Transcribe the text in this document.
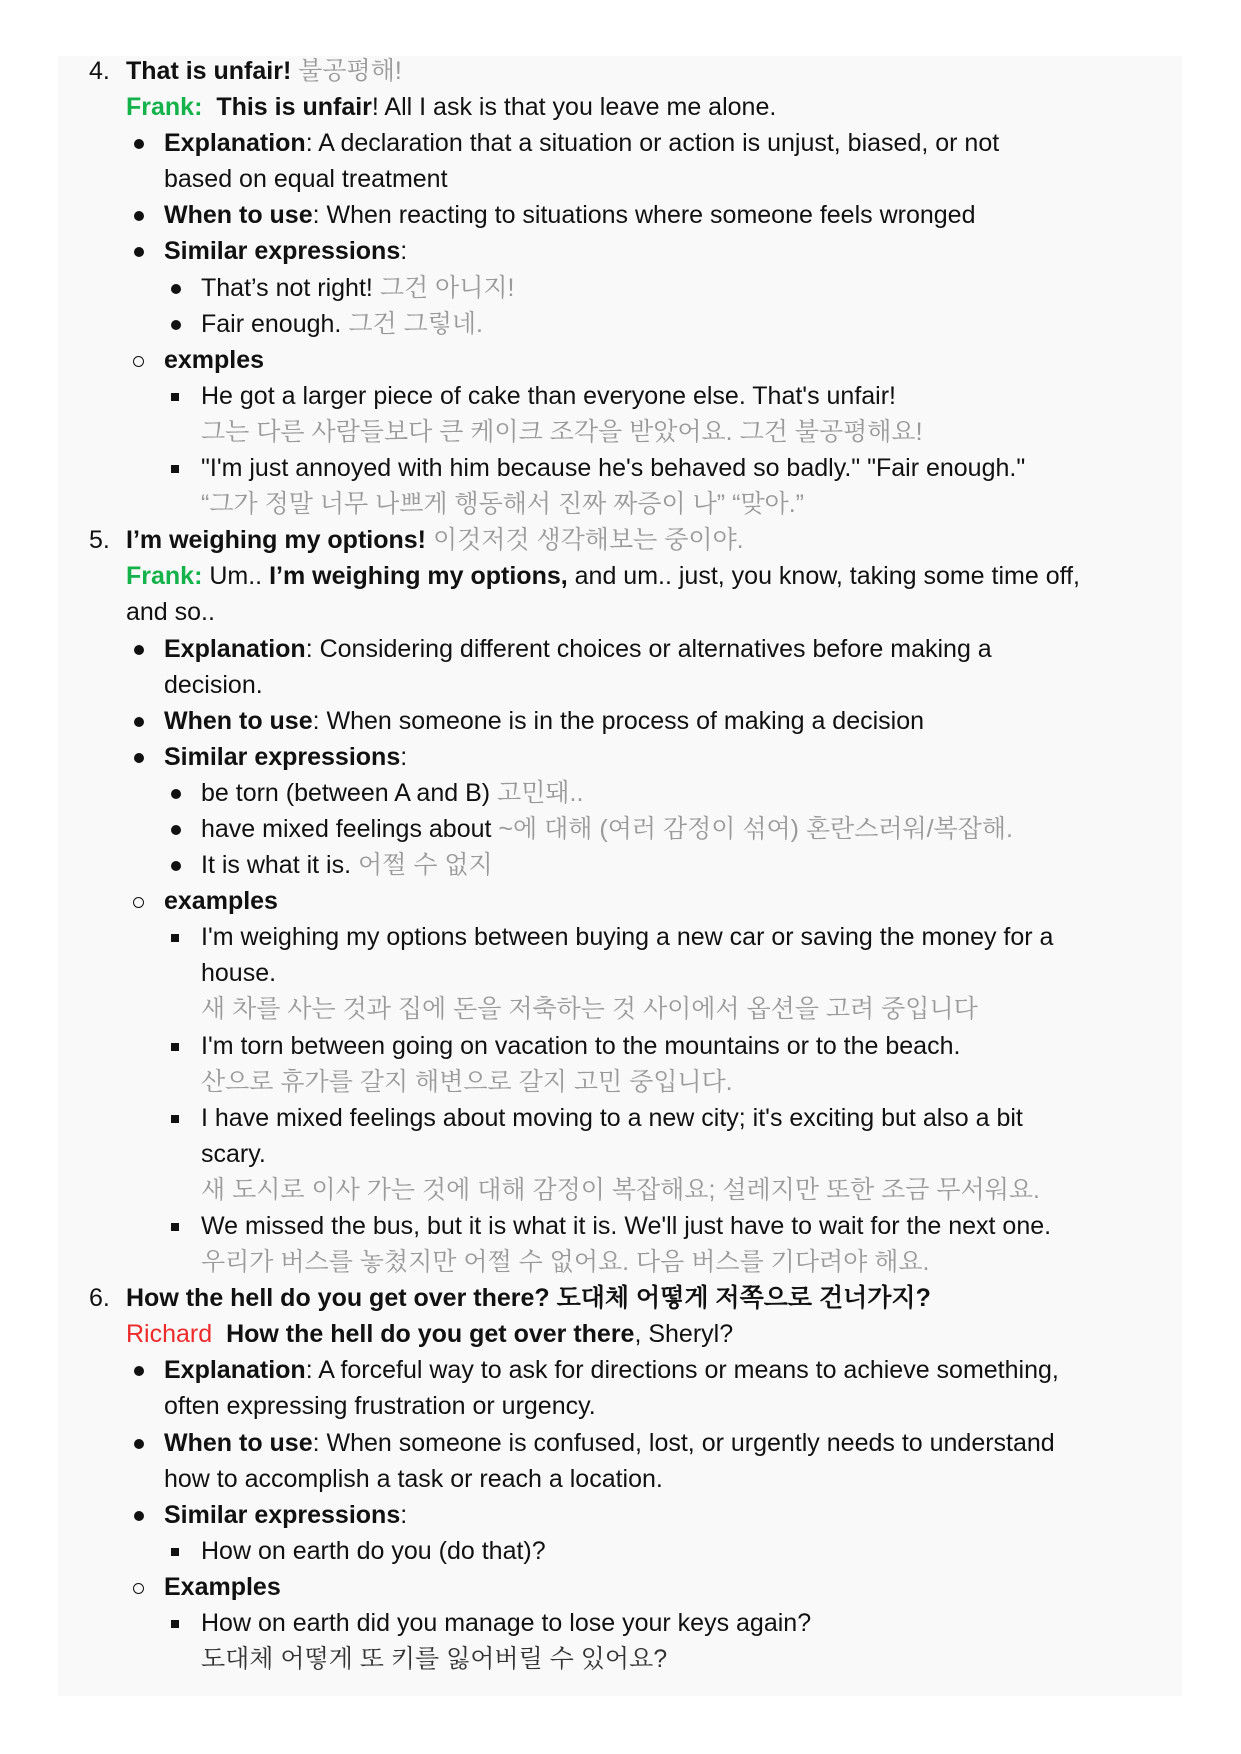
4. That is unfair! 불공평해!
Frank: This is unfair! All I ask is that you leave me alone.
Explanation: A declaration that a situation or action is unjust, biased, or not
based on equal treatment
When to use: When reacting to situations where someone feels wronged
Similar expressions:
That’s not right! 그건 아니지!
Fair enough. 그건 그렇네.
exmples
He got a larger piece of cake than everyone else. That's unfair!
그는 다른 사람들보다 큰 케이크 조각을 받았어요. 그건 불공평해요!
"I'm just annoyed with him because he's behaved so badly." "Fair enough."
“그가 정말 너무 나쁘게 행동해서 진짜 짜증이 나” “맞아.”
5. I’m weighing my options! 이것저것 생각해보는 중이야.
Frank: Um.. I’m weighing my options, and um.. just, you know, taking some time off,
and so..
Explanation: Considering different choices or alternatives before making a
decision.
When to use: When someone is in the process of making a decision
Similar expressions:
be torn (between A and B) 고민돼..
have mixed feelings about ~에 대해 (여러 감정이 섞여) 혼란스러워/복잡해.
It is what it is. 어쩔 수 없지
examples
I'm weighing my options between buying a new car or saving the money for a
house.
새 차를 사는 것과 집에 돈을 저축하는 것 사이에서 옵션을 고려 중입니다
I'm torn between going on vacation to the mountains or to the beach.
산으로 휴가를 갈지 해변으로 갈지 고민 중입니다.
I have mixed feelings about moving to a new city; it's exciting but also a bit
scary.
새 도시로 이사 가는 것에 대해 감정이 복잡해요; 설레지만 또한 조금 무서워요.
We missed the bus, but it is what it is. We'll just have to wait for the next one.
우리가 버스를 놓쳤지만 어쩔 수 없어요. 다음 버스를 기다려야 해요.
6. How the hell do you get over there? 도대체 어떻게 저쪽으로 건너가지?
Richard How the hell do you get over there, Sheryl?
Explanation: A forceful way to ask for directions or means to achieve something,
often expressing frustration or urgency.
When to use: When someone is confused, lost, or urgently needs to understand
how to accomplish a task or reach a location.
Similar expressions:
How on earth do you (do that)?
Examples
How on earth did you manage to lose your keys again?
도대체 어떻게 또 키를 잃어버릴 수 있어요?
